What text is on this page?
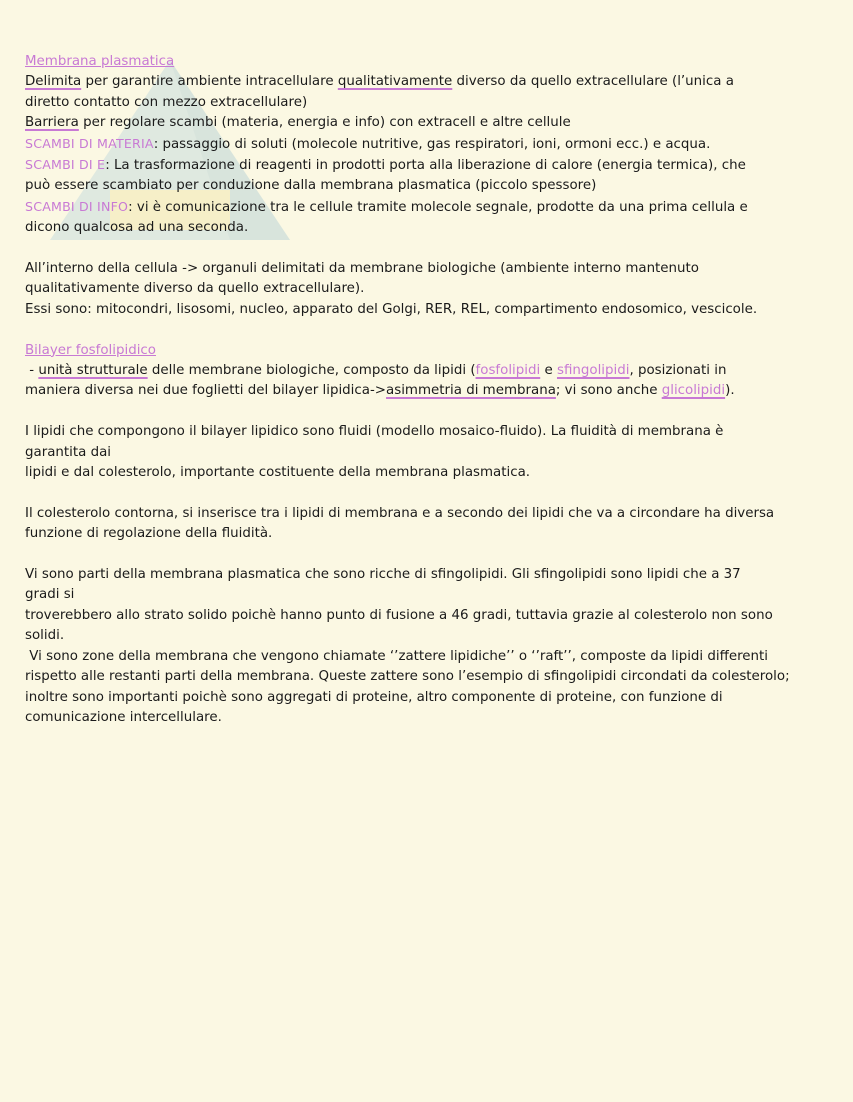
Membrana plasmatica

Delimita per garantire ambiente intracellulare qualitativamente diverso da quello extracellulare (l’unica a

diretto contatto con mezzo extracellulare)

Barriera per regolare scambi (materia, energia e info) con extracell e altre cellule

SCAMBI DI MATERIA: passaggio di soluti (molecole nutritive, gas respiratori, ioni, ormoni ecc.) e acqua.

SCAMBI DI E: La trasformazione di reagenti in prodotti porta alla liberazione di calore (energia termica), che

può essere scambiato per conduzione dalla membrana plasmatica (piccolo spessore)

SCAMBI DI INFO: vi è comunicazione tra le cellule tramite molecole segnale, prodotte da una prima cellula e

dicono qualcosa ad una seconda.

All’interno della cellula -> organuli delimitati da membrane biologiche (ambiente interno mantenuto

qualitativamente diverso da quello extracellulare).

Essi sono: mitocondri, lisosomi, nucleo, apparato del Golgi, RER, REL, compartimento endosomico, vescicole.

Bilayer fosfolipidico

- unità strutturale delle membrane biologiche, composto da lipidi (fosfolipidi e sfingolipidi, posizionati in

maniera diversa nei due foglietti del bilayer lipidica->asimmetria di membrana; vi sono anche glicolipidi).

I lipidi che compongono il bilayer lipidico sono fluidi (modello mosaico-fluido). La fluidità di membrana è

garantita dai

lipidi e dal colesterolo, importante costituente della membrana plasmatica.

Il colesterolo contorna, si inserisce tra i lipidi di membrana e a secondo dei lipidi che va a circondare ha diversa

funzione di regolazione della fluidità.

Vi sono parti della membrana plasmatica che sono ricche di sfingolipidi. Gli sfingolipidi sono lipidi che a 37

gradi si

troverebbero allo strato solido poichè hanno punto di fusione a 46 gradi, tuttavia grazie al colesterolo non sono

solidi.

Vi sono zone della membrana che vengono chiamate ‘’zattere lipidiche’’ o ‘’raft’’, composte da lipidi differenti

rispetto alle restanti parti della membrana. Queste zattere sono l’esempio di sfingolipidi circondati da colesterolo;

inoltre sono importanti poichè sono aggregati di proteine, altro componente di proteine, con funzione di

comunicazione intercellulare.
